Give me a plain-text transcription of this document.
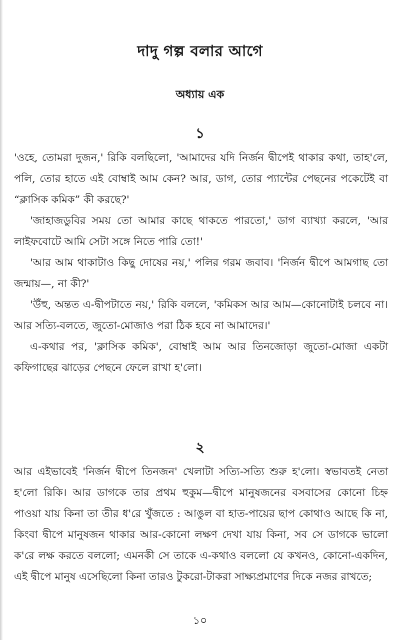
দাদু গল্প বলার আগে
অধ্যায় এক
১

'ওহে, তোমরা দুজন,' রিকি বলছিলো, 'আমাদের যদি নির্জন দ্বীপেই থাকার কথা, তাহ'লে, পলি, তোর হাতে এই বোম্বাই আম কেন? আর, ডাগ, তোর প্যান্টের পেছনের পকেটেই বা “ক্লাসিক কমিক” কী করছে?'

'জাহাজডুবির সময় তো আমার কাছে থাকতে পারতো,' ডাগ ব্যাখ্যা করলে, 'আর লাইফবোটে আমি সেটা সঙ্গে নিতে পারি তো!'

'আর আম থাকাটাও কিছু দোষের নয়,' পলির গরম জবাব। 'নির্জন দ্বীপে আমগাছ তো জন্মায়—, না কী?'

'উঁহু, অন্তত এ-দ্বীপটাতে নয়,' রিকি বললে, 'কমিকস আর আম—কোনোটাই চলবে না। আর সত্যি-বলতে, জুতো-মোজাও পরা ঠিক হবে না আমাদের।'

এ-কথার পর, 'ক্লাসিক কমিক', বোম্বাই আম আর তিনজোড়া জুতো-মোজা একটা কফিগাছের ঝাড়ের পেছনে ফেলে রাখা হ'লো।

২

আর এইভাবেই 'নির্জন দ্বীপে তিনজন' খেলাটা সত্যি-সত্যি শুরু হ'লো। স্বভাবতই নেতা হ'লো রিকি। আর ডাগকে তার প্রথম হুকুম—দ্বীপে মানুষজনের বসবাসের কোনো চিহ্ন পাওয়া যায় কিনা তা তীর ধ'রে খুঁজতে : আঙুল বা হাত-পায়ের ছাপ কোথাও আছে কি না, কিংবা দ্বীপে মানুষজন থাকার আর-কোনো লক্ষণ দেখা যায় কিনা, সব সে ডাগকে ভালো ক'রে লক্ষ করতে বললো; এমনকী সে তাকে এ-কথাও বললো যে কখনও, কোনো-একদিন, এই দ্বীপে মানুষ এসেছিলো কিনা তারও টুকরো-টাকরা সাক্ষ্যপ্রমাণের দিকে নজর রাখতে;

১০
